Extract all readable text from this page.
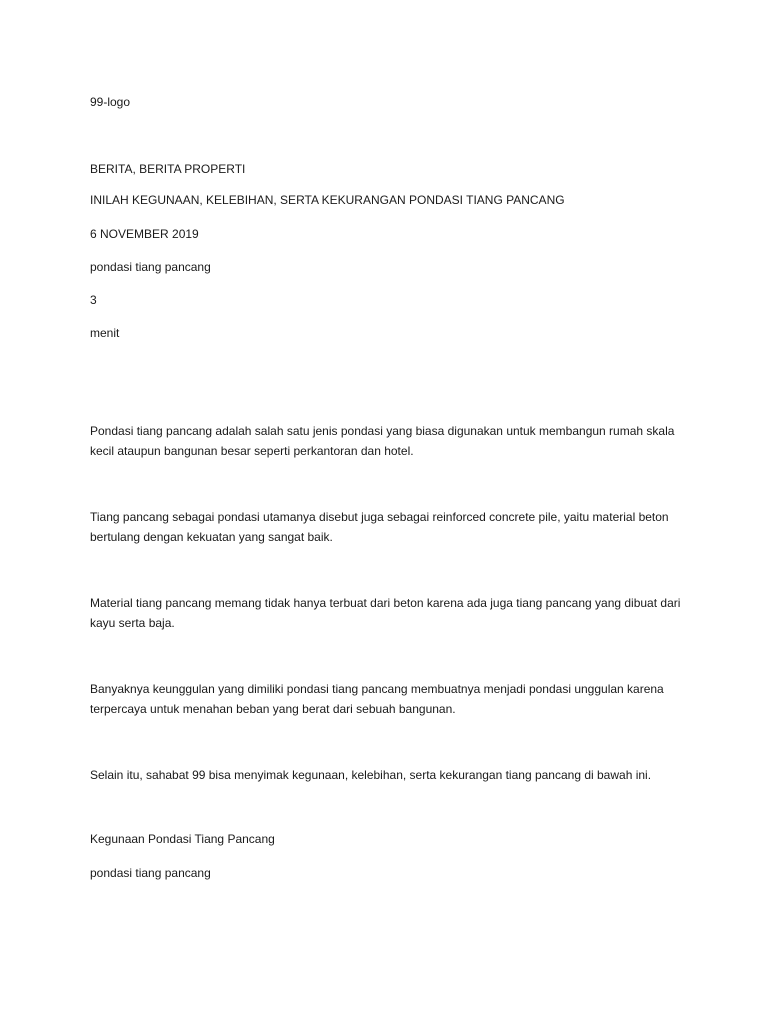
99-logo
BERITA, BERITA PROPERTI
INILAH KEGUNAAN, KELEBIHAN, SERTA KEKURANGAN PONDASI TIANG PANCANG
6 NOVEMBER 2019
pondasi tiang pancang
3
menit
Pondasi tiang pancang adalah salah satu jenis pondasi yang biasa digunakan untuk membangun rumah skala kecil ataupun bangunan besar seperti perkantoran dan hotel.
Tiang pancang sebagai pondasi utamanya disebut juga sebagai reinforced concrete pile, yaitu material beton bertulang dengan kekuatan yang sangat baik.
Material tiang pancang memang tidak hanya terbuat dari beton karena ada juga tiang pancang yang dibuat dari kayu serta baja.
Banyaknya keunggulan yang dimiliki pondasi tiang pancang membuatnya menjadi pondasi unggulan karena terpercaya untuk menahan beban yang berat dari sebuah bangunan.
Selain itu, sahabat 99 bisa menyimak kegunaan, kelebihan, serta kekurangan tiang pancang di bawah ini.
Kegunaan Pondasi Tiang Pancang
pondasi tiang pancang
